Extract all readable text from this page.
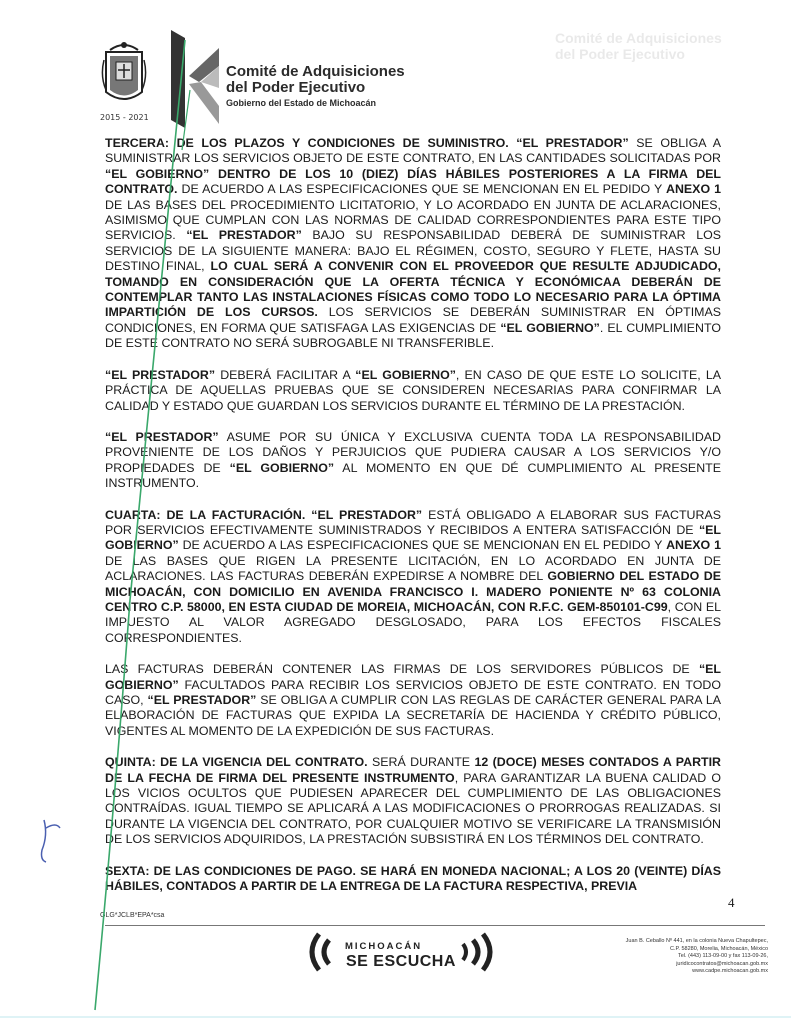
2015 - 2021
Comité de Adquisiciones
del Poder Ejecutivo
Gobierno del Estado de Michoacán
Comité de Adquisiciones
del Poder Ejecutivo

TERCERA: DE LOS PLAZOS Y CONDICIONES DE SUMINISTRO. “EL PRESTADOR” SE OBLIGA A SUMINISTRAR LOS SERVICIOS OBJETO DE ESTE CONTRATO, EN LAS CANTIDADES SOLICITADAS POR “EL GOBIERNO” DENTRO DE LOS 10 (DIEZ) DÍAS HÁBILES POSTERIORES A LA FIRMA DEL CONTRATO. DE ACUERDO A LAS ESPECIFICACIONES QUE SE MENCIONAN EN EL PEDIDO Y ANEXO 1 DE LAS BASES DEL PROCEDIMIENTO LICITATORIO, Y LO ACORDADO EN JUNTA DE ACLARACIONES, ASIMISMO QUE CUMPLAN CON LAS NORMAS DE CALIDAD CORRESPONDIENTES PARA ESTE TIPO SERVICIOS. “EL PRESTADOR” BAJO SU RESPONSABILIDAD DEBERÁ DE SUMINISTRAR LOS SERVICIOS DE LA SIGUIENTE MANERA: BAJO EL RÉGIMEN, COSTO, SEGURO Y FLETE, HASTA SU DESTINO FINAL, LO CUAL SERÁ A CONVENIR CON EL PROVEEDOR QUE RESULTE ADJUDICADO, TOMANDO EN CONSIDERACIÓN QUE LA OFERTA TÉCNICA Y ECONÓMICAA DEBERÁN DE CONTEMPLAR TANTO LAS INSTALACIONES FÍSICAS COMO TODO LO NECESARIO PARA LA ÓPTIMA IMPARTICIÓN DE LOS CURSOS. LOS SERVICIOS SE DEBERÁN SUMINISTRAR EN ÓPTIMAS CONDICIONES, EN FORMA QUE SATISFAGA LAS EXIGENCIAS DE “EL GOBIERNO”. EL CUMPLIMIENTO DE ESTE CONTRATO NO SERÁ SUBROGABLE NI TRANSFERIBLE.

“EL PRESTADOR” DEBERÁ FACILITAR A “EL GOBIERNO”, EN CASO DE QUE ESTE LO SOLICITE, LA PRÁCTICA DE AQUELLAS PRUEBAS QUE SE CONSIDEREN NECESARIAS PARA CONFIRMAR LA CALIDAD Y ESTADO QUE GUARDAN LOS SERVICIOS DURANTE EL TÉRMINO DE LA PRESTACIÓN.

“EL PRESTADOR” ASUME POR SU ÚNICA Y EXCLUSIVA CUENTA TODA LA RESPONSABILIDAD PROVENIENTE DE LOS DAÑOS Y PERJUICIOS QUE PUDIERA CAUSAR A LOS SERVICIOS Y/O PROPIEDADES DE “EL GOBIERNO” AL MOMENTO EN QUE DÉ CUMPLIMIENTO AL PRESENTE INSTRUMENTO.

CUARTA: DE LA FACTURACIÓN. “EL PRESTADOR” ESTÁ OBLIGADO A ELABORAR SUS FACTURAS POR SERVICIOS EFECTIVAMENTE SUMINISTRADOS Y RECIBIDOS A ENTERA SATISFACCIÓN DE “EL GOBIERNO” DE ACUERDO A LAS ESPECIFICACIONES QUE SE MENCIONAN EN EL PEDIDO Y ANEXO 1 DE LAS BASES QUE RIGEN LA PRESENTE LICITACIÓN, EN LO ACORDADO EN JUNTA DE ACLARACIONES. LAS FACTURAS DEBERÁN EXPEDIRSE A NOMBRE DEL GOBIERNO DEL ESTADO DE MICHOACÁN, CON DOMICILIO EN AVENIDA FRANCISCO I. MADERO PONIENTE Nº 63 COLONIA CENTRO C.P. 58000, EN ESTA CIUDAD DE MOREIA, MICHOACÁN, CON R.F.C. GEM-850101-C99, CON EL IMPUESTO AL VALOR AGREGADO DESGLOSADO, PARA LOS EFECTOS FISCALES CORRESPONDIENTES.

LAS FACTURAS DEBERÁN CONTENER LAS FIRMAS DE LOS SERVIDORES PÚBLICOS DE “EL GOBIERNO” FACULTADOS PARA RECIBIR LOS SERVICIOS OBJETO DE ESTE CONTRATO. EN TODO CASO, “EL PRESTADOR” SE OBLIGA A CUMPLIR CON LAS REGLAS DE CARÁCTER GENERAL PARA LA ELABORACIÓN DE FACTURAS QUE EXPIDA LA SECRETARÍA DE HACIENDA Y CRÉDITO PÚBLICO, VIGENTES AL MOMENTO DE LA EXPEDICIÓN DE SUS FACTURAS.

QUINTA: DE LA VIGENCIA DEL CONTRATO. SERÁ DURANTE 12 (DOCE) MESES CONTADOS A PARTIR DE LA FECHA DE FIRMA DEL PRESENTE INSTRUMENTO, PARA GARANTIZAR LA BUENA CALIDAD O LOS VICIOS OCULTOS QUE PUDIESEN APARECER DEL CUMPLIMIENTO DE LAS OBLIGACIONES CONTRAÍDAS. IGUAL TIEMPO SE APLICARÁ A LAS MODIFICACIONES O PRORROGAS REALIZADAS. SI DURANTE LA VIGENCIA DEL CONTRATO, POR CUALQUIER MOTIVO SE VERIFICARE LA TRANSMISIÓN DE LOS SERVICIOS ADQUIRIDOS, LA PRESTACIÓN SUBSISTIRÁ EN LOS TÉRMINOS DEL CONTRATO.

SEXTA: DE LAS CONDICIONES DE PAGO. SE HARÁ EN MONEDA NACIONAL; A LOS 20 (VEINTE) DÍAS HÁBILES, CONTADOS A PARTIR DE LA ENTREGA DE LA FACTURA RESPECTIVA, PREVIA

4
GLG*JCLB*EPA*csa
MICHOACÁN
SE ESCUCHA
Juan B. Ceballo Nº 441, en la colonia Nueva Chapultepec,
C.P. 58280, Morelia, Michoacán, México
Tel. (443) 113-09-00 y fax 113-09-26,
juridicocontratos@michoacan.gob.mx
www.cadpe.michoacan.gob.mx
